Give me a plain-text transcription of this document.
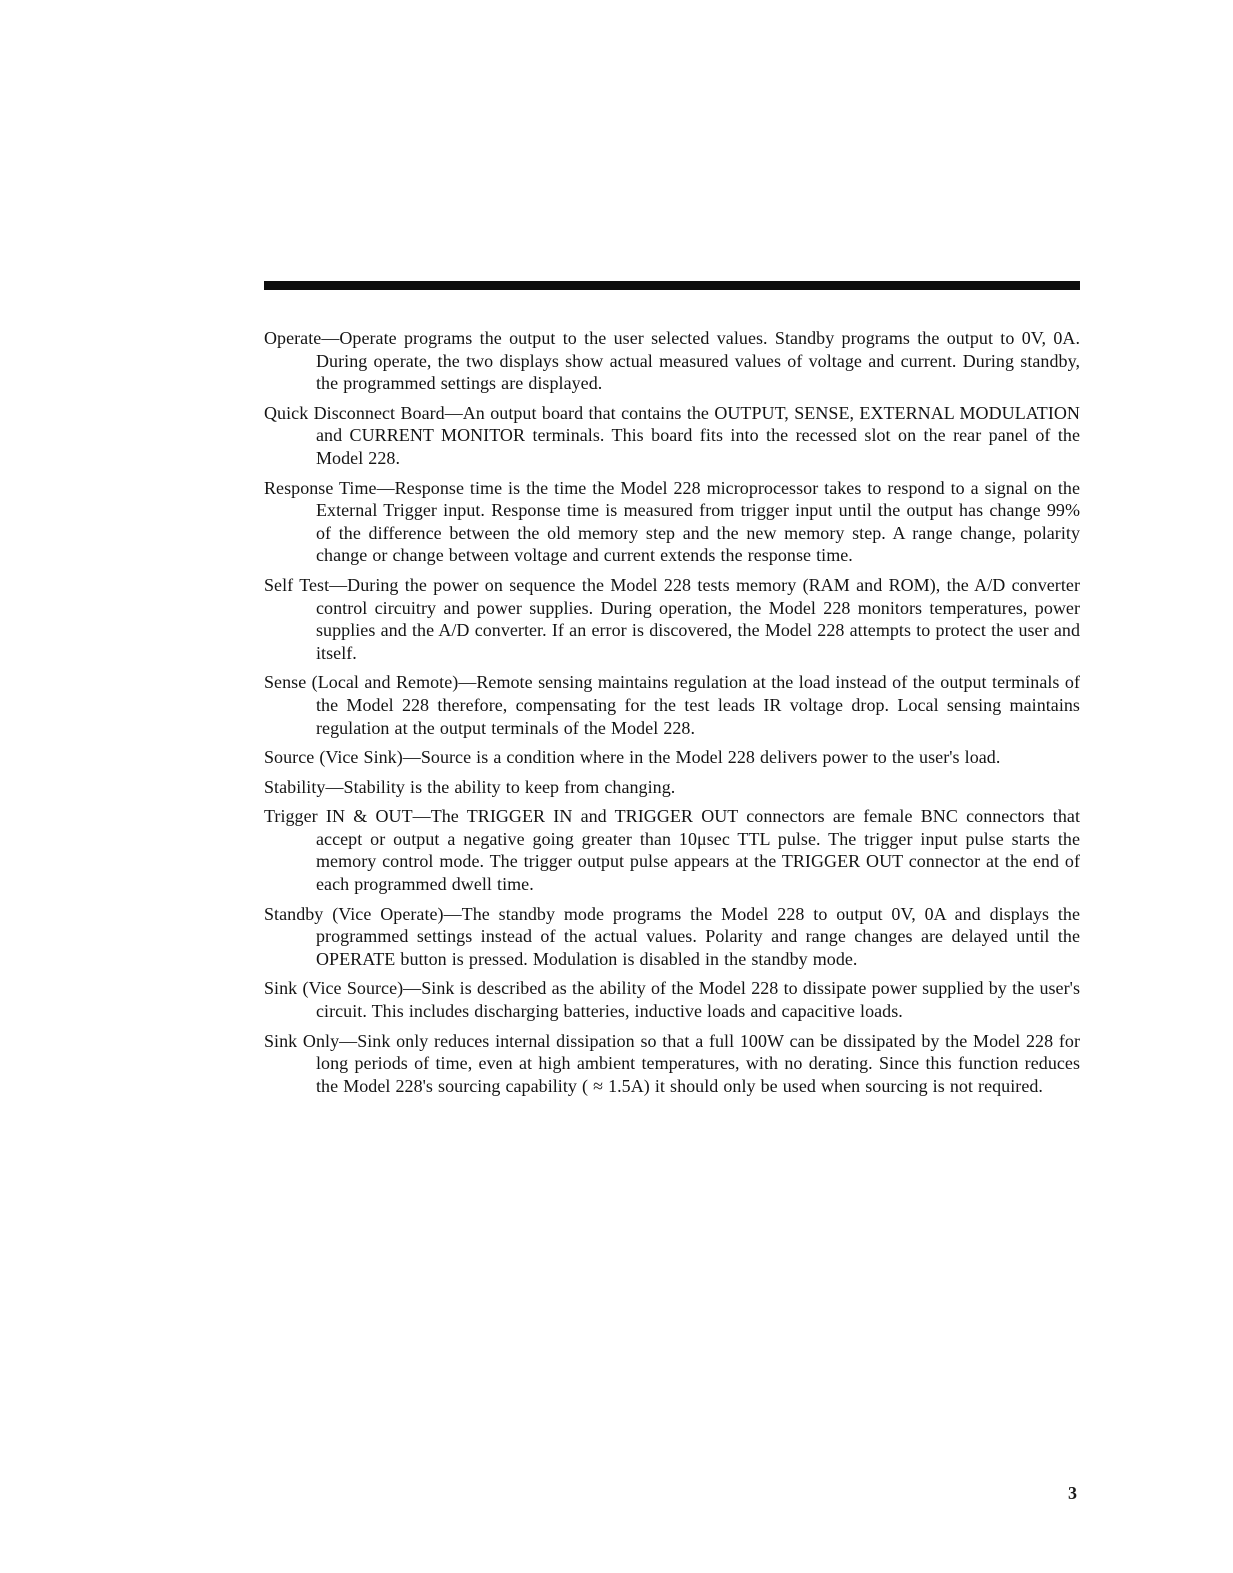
Operate—Operate programs the output to the user selected values. Standby programs the output to 0V, 0A. During operate, the two displays show actual measured values of voltage and current. During standby, the programmed settings are displayed.

Quick Disconnect Board—An output board that contains the OUTPUT, SENSE, EXTERNAL MODULATION and CURRENT MONITOR terminals. This board fits into the recessed slot on the rear panel of the Model 228.

Response Time—Response time is the time the Model 228 microprocessor takes to respond to a signal on the External Trigger input. Response time is measured from trigger input until the output has change 99% of the difference between the old memory step and the new memory step. A range change, polarity change or change between voltage and current extends the response time.

Self Test—During the power on sequence the Model 228 tests memory (RAM and ROM), the A/D converter control circuitry and power supplies. During operation, the Model 228 monitors temperatures, power supplies and the A/D converter. If an error is discovered, the Model 228 attempts to protect the user and itself.

Sense (Local and Remote)—Remote sensing maintains regulation at the load instead of the output terminals of the Model 228 therefore, compensating for the test leads IR voltage drop. Local sensing maintains regulation at the output terminals of the Model 228.

Source (Vice Sink)—Source is a condition where in the Model 228 delivers power to the user's load.

Stability—Stability is the ability to keep from changing.

Trigger IN & OUT—The TRIGGER IN and TRIGGER OUT connectors are female BNC connectors that accept or output a negative going greater than 10μsec TTL pulse. The trigger input pulse starts the memory control mode. The trigger output pulse appears at the TRIGGER OUT connector at the end of each programmed dwell time.

Standby (Vice Operate)—The standby mode programs the Model 228 to output 0V, 0A and displays the programmed settings instead of the actual values. Polarity and range changes are delayed until the OPERATE button is pressed. Modulation is disabled in the standby mode.

Sink (Vice Source)—Sink is described as the ability of the Model 228 to dissipate power supplied by the user's circuit. This includes discharging batteries, inductive loads and capacitive loads.

Sink Only—Sink only reduces internal dissipation so that a full 100W can be dissipated by the Model 228 for long periods of time, even at high ambient temperatures, with no derating. Since this function reduces the Model 228's sourcing capability ( ≈ 1.5A) it should only be used when sourcing is not required.

3
